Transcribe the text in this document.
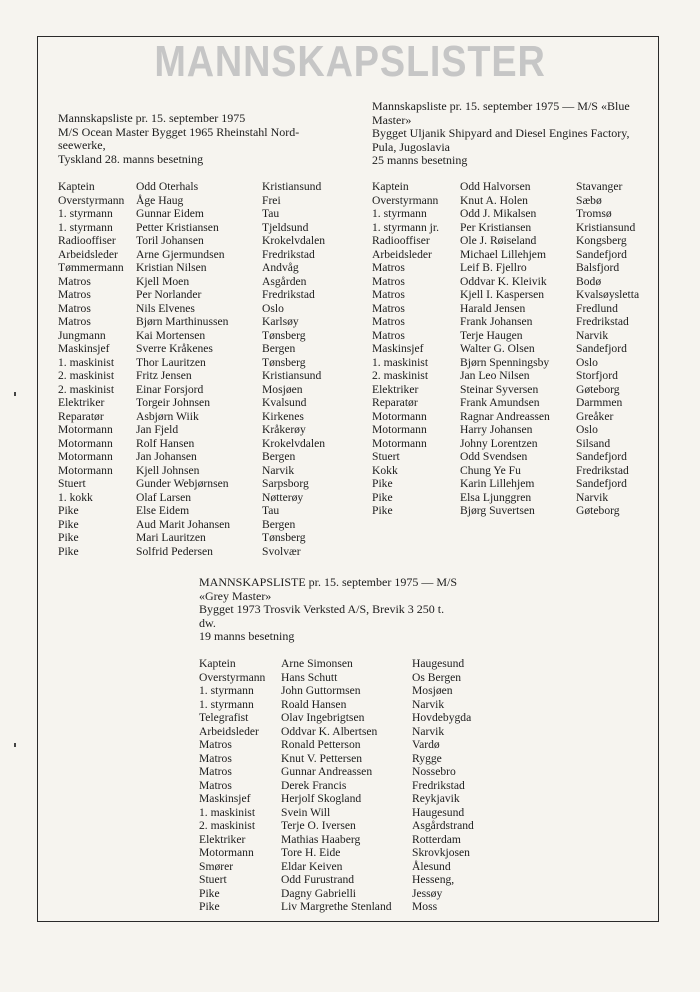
MANNSKAPSLISTER
Mannskapsliste pr. 15. september 1975
M/S Ocean Master Bygget 1965 Rheinstahl Nord-
seewerke,
Tyskland 28. manns besetning
Kaptein	Odd Oterhals	Kristiansund
Overstyrmann	Åge Haug	Frei
1. styrmann	Gunnar Eidem	Tau
1. styrmann	Petter Kristiansen	Tjeldsund
Radiooffiser	Toril Johansen	Krokelvdalen
Arbeidsleder	Arne Gjermundsen	Fredrikstad
Tømmermann	Kristian Nilsen	Andvåg
Matros	Kjell Moen	Asgården
Matros	Per Norlander	Fredrikstad
Matros	Nils Elvenes	Oslo
Matros	Bjørn Marthinussen	Karlsøy
Jungmann	Kai Mortensen	Tønsberg
Maskinsjef	Sverre Kråkenes	Bergen
1. maskinist	Thor Lauritzen	Tønsberg
2. maskinist	Fritz Jensen	Kristiansund
2. maskinist	Einar Forsjord	Mosjøen
Elektriker	Torgeir Johnsen	Kvalsund
Reparatør	Asbjørn Wiik	Kirkenes
Motormann	Jan Fjeld	Kråkerøy
Motormann	Rolf Hansen	Krokelvdalen
Motormann	Jan Johansen	Bergen
Motormann	Kjell Johnsen	Narvik
Stuert	Gunder Webjørnsen	Sarpsborg
1. kokk	Olaf Larsen	Nøtterøy
Pike	Else Eidem	Tau
Pike	Aud Marit Johansen	Bergen
Pike	Mari Lauritzen	Tønsberg
Pike	Solfrid Pedersen	Svolvær
Mannskapsliste pr. 15. september 1975 — M/S «Blue
Master»
Bygget Uljanik Shipyard and Diesel Engines Factory,
Pula, Jugoslavia
25 manns besetning
Kaptein	Odd Halvorsen	Stavanger
Overstyrmann	Knut A. Holen	Sæbø
1. styrmann	Odd J. Mikalsen	Tromsø
1. styrmann jr.	Per Kristiansen	Kristiansund
Radiooffiser	Ole J. Røiseland	Kongsberg
Arbeidsleder	Michael Lillehjem	Sandefjord
Matros	Leif B. Fjellro	Balsfjord
Matros	Oddvar K. Kleivik	Bodø
Matros	Kjell I. Kaspersen	Kvalsøysletta
Matros	Harald Jensen	Fredlund
Matros	Frank Johansen	Fredrikstad
Matros	Terje Haugen	Narvik
Maskinsjef	Walter G. Olsen	Sandefjord
1. maskinist	Bjørn Spenningsby	Oslo
2. maskinist	Jan Leo Nilsen	Storfjord
Elektriker	Steinar Syversen	Gøteborg
Reparatør	Frank Amundsen	Darmmen
Motormann	Ragnar Andreassen	Greåker
Motormann	Harry Johansen	Oslo
Motormann	Johny Lorentzen	Silsand
Stuert	Odd Svendsen	Sandefjord
Kokk	Chung Ye Fu	Fredrikstad
Pike	Karin Lillehjem	Sandefjord
Pike	Elsa Ljunggren	Narvik
Pike	Bjørg Suvertsen	Gøteborg
MANNSKAPSLISTE pr. 15. september 1975 — M/S
«Grey Master»
Bygget 1973 Trosvik Verksted A/S, Brevik 3 250 t.
dw.
19 manns besetning
Kaptein	Arne Simonsen	Haugesund
Overstyrmann	Hans Schutt	Os Bergen
1. styrmann	John Guttormsen	Mosjøen
1. styrmann	Roald Hansen	Narvik
Telegrafist	Olav Ingebrigtsen	Hovdebygda
Arbeidsleder	Oddvar K. Albertsen	Narvik
Matros	Ronald Petterson	Vardø
Matros	Knut V. Pettersen	Rygge
Matros	Gunnar Andreassen	Nossebro
Matros	Derek Francis	Fredrikstad
Maskinsjef	Herjolf Skogland	Reykjavik
1. maskinist	Svein Will	Haugesund
2. maskinist	Terje O. Iversen	Asgårdstrand
Elektriker	Mathias Haaberg	Rotterdam
Motormann	Tore H. Eide	Skrovkjosen
Smører	Eldar Keiven	Ålesund
Stuert	Odd Furustrand	Hesseng,
Pike	Dagny Gabrielli	Jessøy
Pike	Liv Margrethe Stenland	Moss
